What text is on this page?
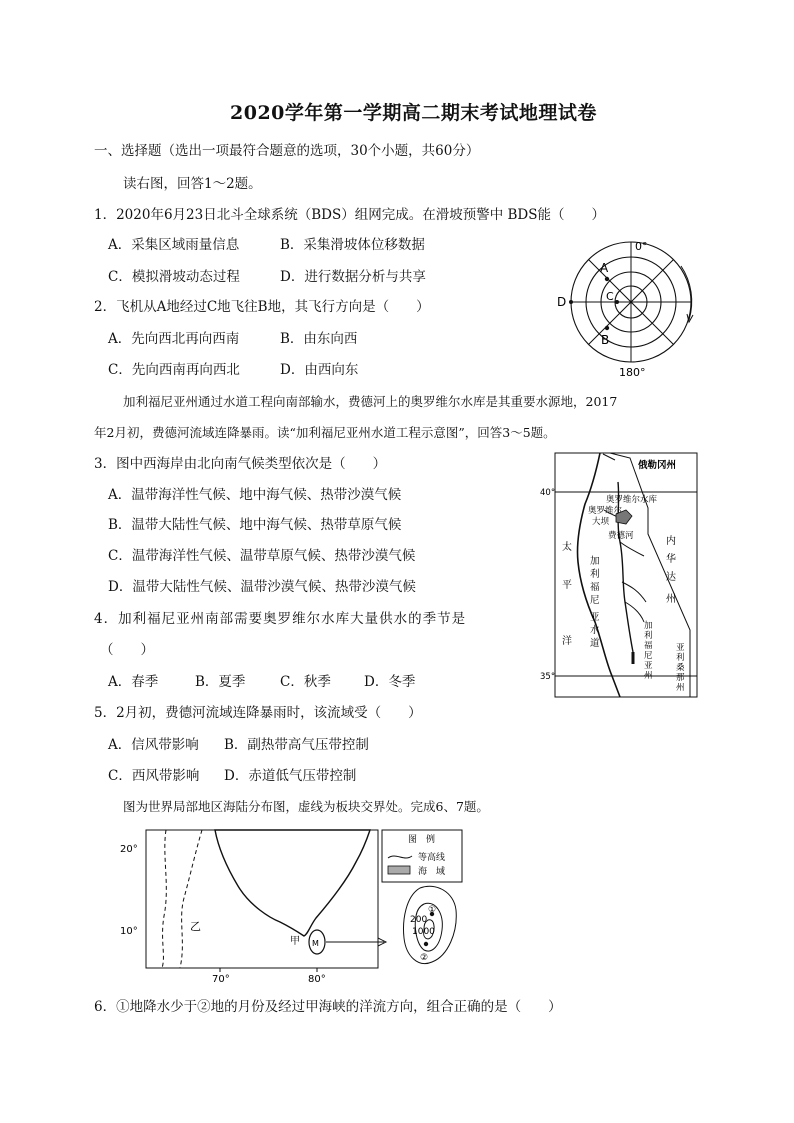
2020学年第一学期高二期末考试地理试卷
一、选择题（选出一项最符合题意的选项，30个小题，共60分）
读右图，回答1～2题。
1．2020年6月23日北斗全球系统（BDS）组网完成。在滑坡预警中 BDS能（　　）
A．采集区域雨量信息	B．采集滑坡体位移数据
C．模拟滑坡动态过程	D．进行数据分析与共享
2．飞机从A地经过C地飞往B地，其飞行方向是（　　）
A．先向西北再向西南	B．由东向西
C．先向西南再向西北	D．由西向东
0°
180°
A
B
C
D
加利福尼亚州通过水道工程向南部输水，费德河上的奥罗维尔水库是其重要水源地，2017
年2月初，费德河流域连降暴雨。读“加利福尼亚州水道工程示意图”，回答3～5题。
3．图中西海岸由北向南气候类型依次是（　　）
A．温带海洋性气候、地中海气候、热带沙漠气候
B．温带大陆性气候、地中海气候、热带草原气候
C．温带海洋性气候、温带草原气候、热带沙漠气候
D．温带大陆性气候、温带沙漠气候、热带沙漠气候
4．加利福尼亚州南部需要奥罗维尔水库大量供水的季节是
（　　）
A．春季	B．夏季	C．秋季 D．冬季
5．2月初，费德河流域连降暴雨时，该流域受（　　）
A．信风带影响 B．副热带高气压带控制
C．西风带影响 D．赤道低气压带控制
俄勒冈州
40°
35°
奥罗维尔水库
奥罗维尔
大坝
费德河
太
平
洋
加
利
福
尼
亚
水
道
内
华
达
州
加
利
福
尼
亚
州
亚
利
桑
那
州
图为世界局部地区海陆分布图，虚线为板块交界处。完成6、7题。
20°
10°
70°	80°
乙
甲 M
图　例
等高线
海　域
200
1000
①
②
6．①地降水少于②地的月份及经过甲海峡的洋流方向，组合正确的是（　　）
